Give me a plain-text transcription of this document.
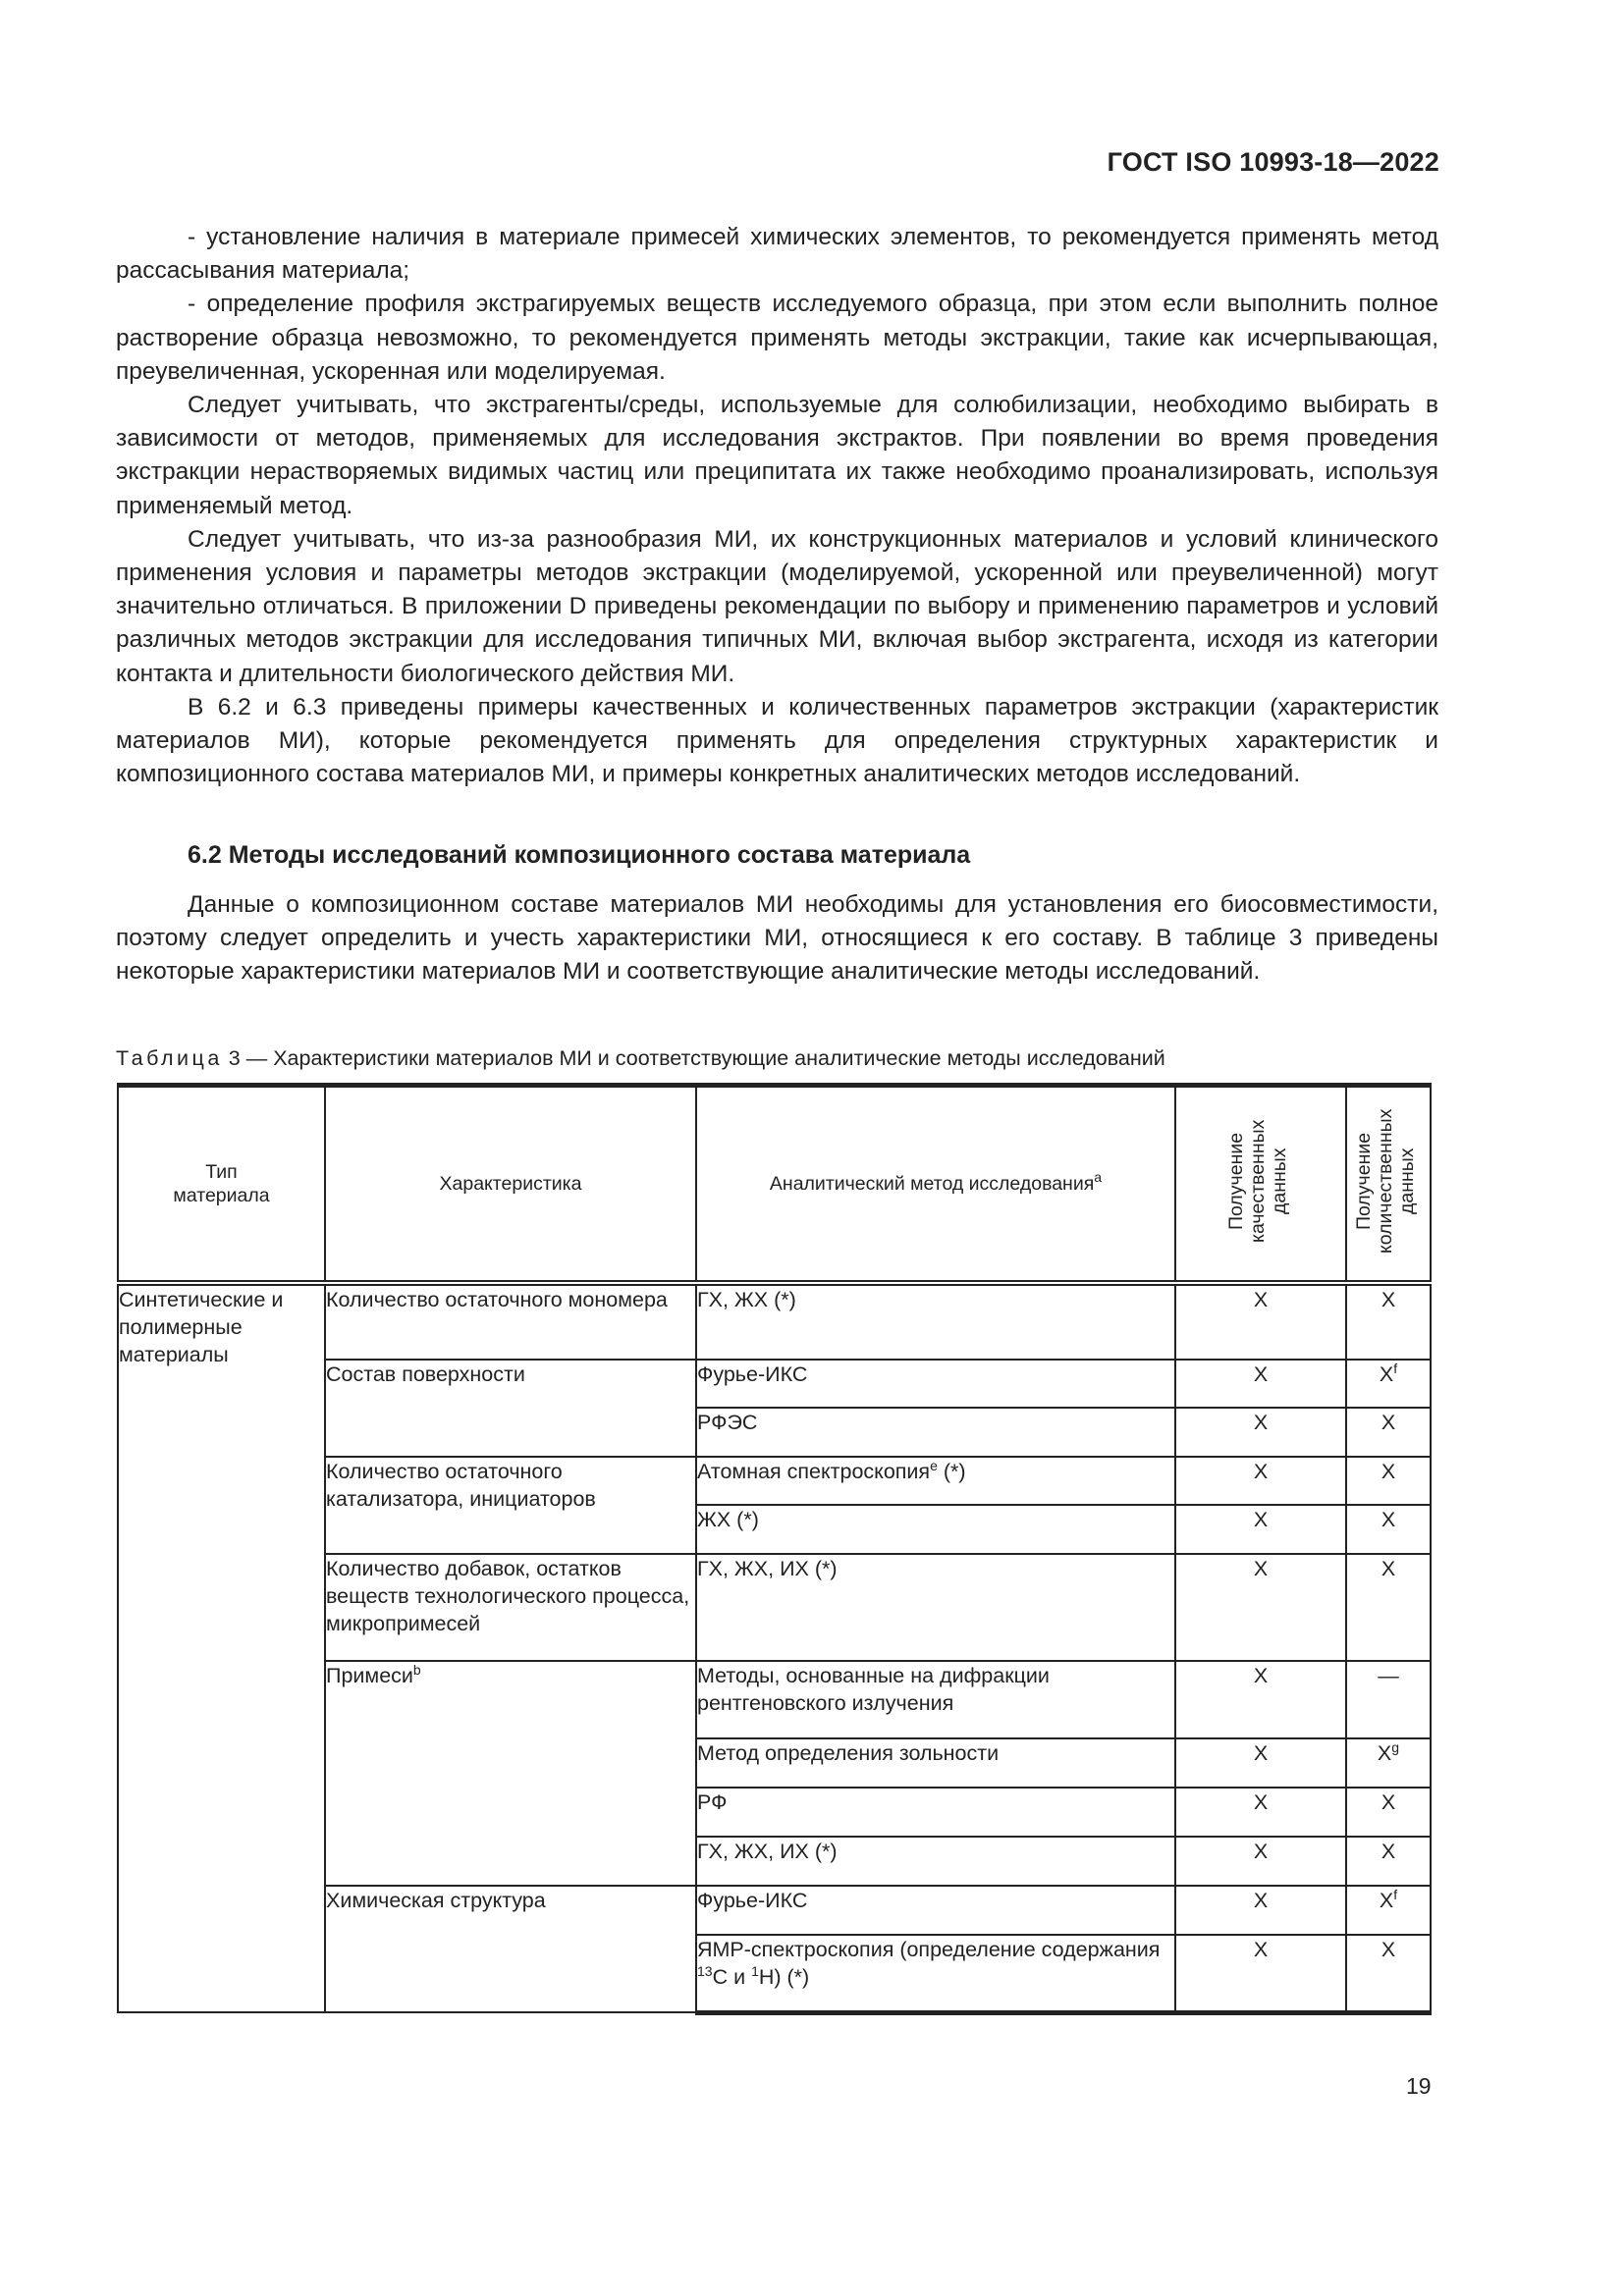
ГОСТ ISO 10993-18—2022

- установление наличия в материале примесей химических элементов, то рекомендуется применять метод рассасывания материала;

- определение профиля экстрагируемых веществ исследуемого образца, при этом если выполнить полное растворение образца невозможно, то рекомендуется применять методы экстракции, такие как исчерпывающая, преувеличенная, ускоренная или моделируемая.

Следует учитывать, что экстрагенты/среды, используемые для солюбилизации, необходимо выбирать в зависимости от методов, применяемых для исследования экстрактов. При появлении во время проведения экстракции нерастворяемых видимых частиц или преципитата их также необходимо проанализировать, используя применяемый метод.

Следует учитывать, что из-за разнообразия МИ, их конструкционных материалов и условий клинического применения условия и параметры методов экстракции (моделируемой, ускоренной или преувеличенной) могут значительно отличаться. В приложении D приведены рекомендации по выбору и применению параметров и условий различных методов экстракции для исследования типичных МИ, включая выбор экстрагента, исходя из категории контакта и длительности биологического действия МИ.

В 6.2 и 6.3 приведены примеры качественных и количественных параметров экстракции (характеристик материалов МИ), которые рекомендуется применять для определения структурных характеристик и композиционного состава материалов МИ, и примеры конкретных аналитических методов исследований.

6.2 Методы исследований композиционного состава материала

Данные о композиционном составе материалов МИ необходимы для установления его биосовместимости, поэтому следует определить и учесть характеристики МИ, относящиеся к его составу. В таблице 3 приведены некоторые характеристики материалов МИ и соответствующие аналитические методы исследований.

Таблица 3 — Характеристики материалов МИ и соответствующие аналитические методы исследований
Тип материала	Характеристика	Аналитический метод исследования$^a$	Получение качественных данных	Получение количественных данных
Синтетические и полимерные материалы	Количество остаточного мономера	ГХ, ЖХ (*)	X	X
	Состав поверхности	Фурье-ИКС	X	$X^f$
		РФЭС	X	X
	Количество остаточного катализатора, инициаторов	Атомная спектроскопия$^e$ (*)	X	X
		ЖХ (*)	X	X
	Количество добавок, остатков веществ технологического процесса, микропримесей	ГХ, ЖХ, ИХ (*)	X	X
	Примеси$^b$	Методы, основанные на дифракции рентгеновского излучения	X	—
		Метод определения зольности	X	$X^g$
		РФ	X	X
		ГХ, ЖХ, ИХ (*)	X	X
	Химическая структура	Фурье-ИКС	X	$X^f$
		ЯМР-спектроскопия (определение содержания $^{13}$C и $^1$H) (*)	X	X
19
